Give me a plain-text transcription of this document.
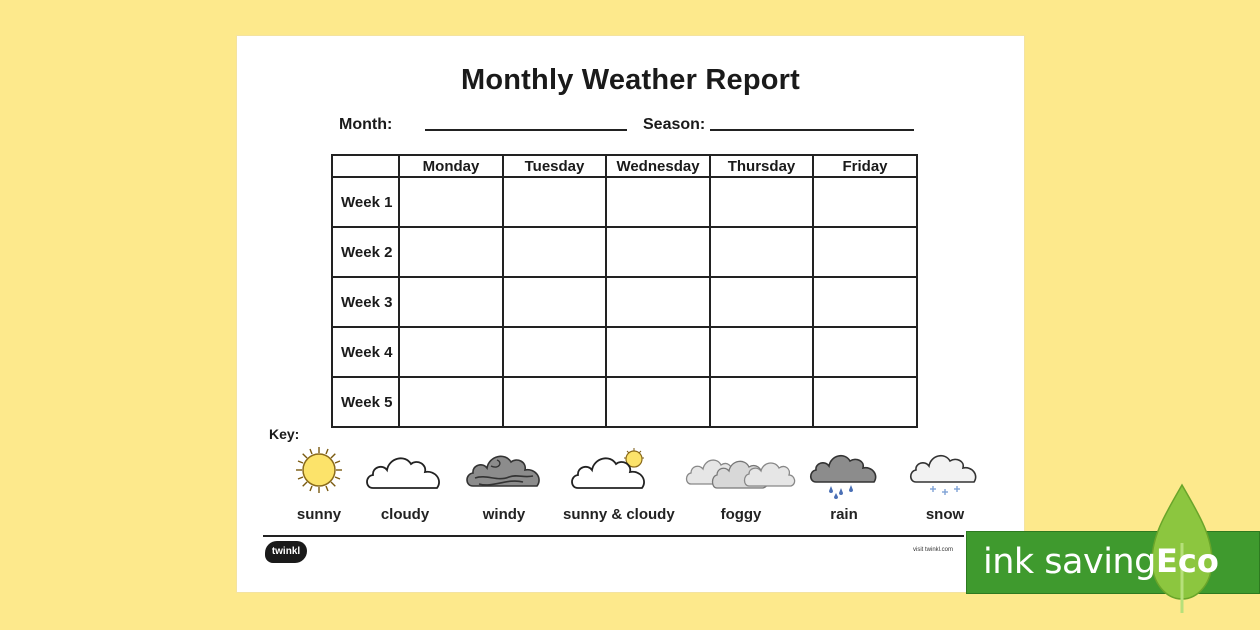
Monthly Weather Report
Month:	Season:
	Monday	Tuesday	Wednesday	Thursday	Friday
Week 1					
Week 2					
Week 3					
Week 4					
Week 5					
Key:
sunny	cloudy	windy	sunny & cloudy	foggy	rain	snow
twinkl	visit twinkl.com ink saving Eco
